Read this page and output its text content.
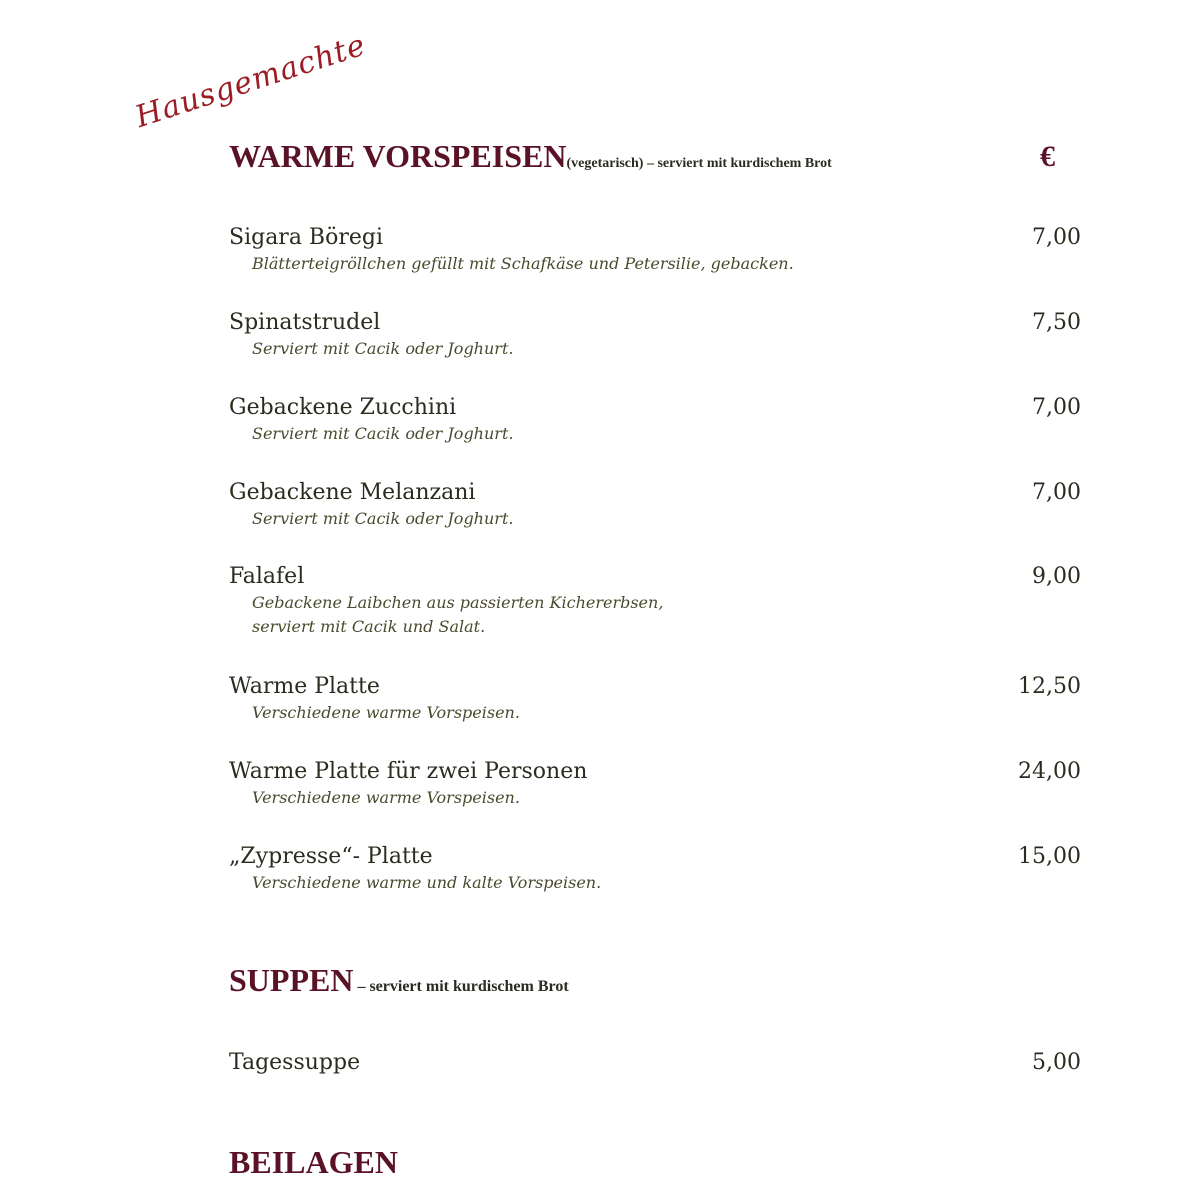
Hausgemachte
WARME VORSPEISEN(vegetarisch) – serviert mit kurdischem Brot	€
Sigara Böregi	7,00
Blätterteigröllchen gefüllt mit Schafkäse und Petersilie, gebacken.
Spinatstrudel	7,50
Serviert mit Cacik oder Joghurt.
Gebackene Zucchini	7,00
Serviert mit Cacik oder Joghurt.
Gebackene Melanzani	7,00
Serviert mit Cacik oder Joghurt.
Falafel	9,00
Gebackene Laibchen aus passierten Kichererbsen,
serviert mit Cacik und Salat.
Warme Platte	12,50
Verschiedene warme Vorspeisen.
Warme Platte für zwei Personen	24,00
Verschiedene warme Vorspeisen.
„Zypresse“- Platte	15,00
Verschiedene warme und kalte Vorspeisen.
SUPPEN – serviert mit kurdischem Brot
Tagessuppe	5,00
BEILAGEN
